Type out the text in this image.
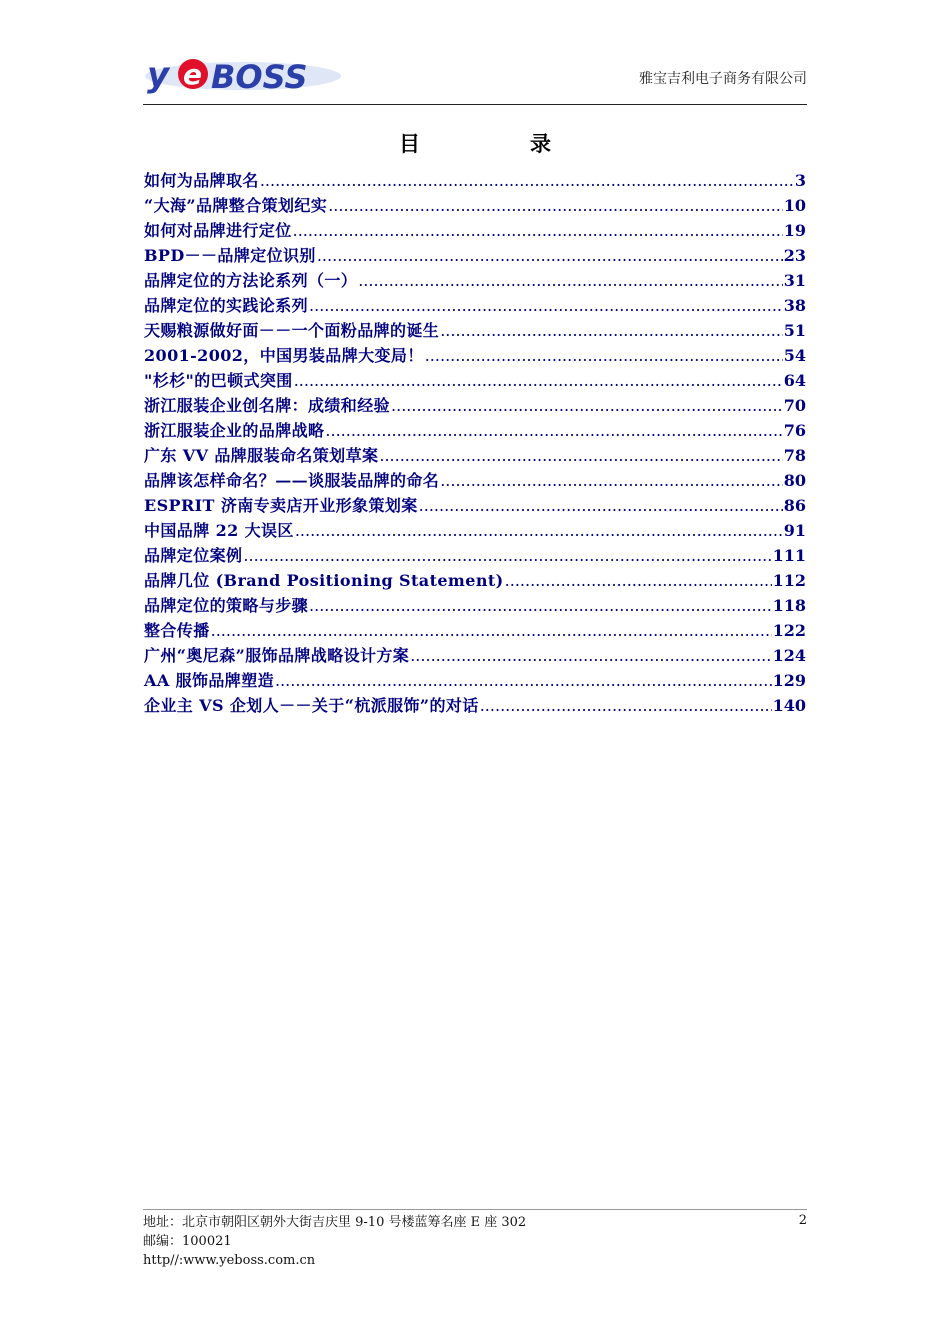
y e BOSS	雅宝吉利电子商务有限公司
目	录
如何为品牌取名 .....	3
“大海”品牌整合策划纪实 .....	10
如何对品牌进行定位 .....	19
BPD－－品牌定位识别 .....	23
品牌定位的方法论系列（一） .....	31
品牌定位的实践论系列 .....	38
天赐粮源做好面－－一个面粉品牌的诞生 .....	51
2001-2002，中国男装品牌大变局！ .....	54
"杉杉"的巴顿式突围 .....	64
浙江服装企业创名牌：成绩和经验 .....	70
浙江服装企业的品牌战略 .....	76
广东 VV 品牌服装命名策划草案 .....	78
品牌该怎样命名？——谈服装品牌的命名 .....	80
ESPRIT 济南专卖店开业形象策划案 .....	86
中国品牌 22 大误区 .....	91
品牌定位案例 .....	111
品牌几位 (Brand Positioning Statement) .....	112
品牌定位的策略与步骤 .....	118
整合传播 .....	122
广州“奥尼森”服饰品牌战略设计方案 .....	124
AA 服饰品牌塑造 .....	129
企业主 VS 企划人－－关于“杭派服饰”的对话 .....	140
地址：北京市朝阳区朝外大街吉庆里 9-10 号楼蓝筹名座 E 座 302
邮编：100021
http//:www.yeboss.com.cn
2
